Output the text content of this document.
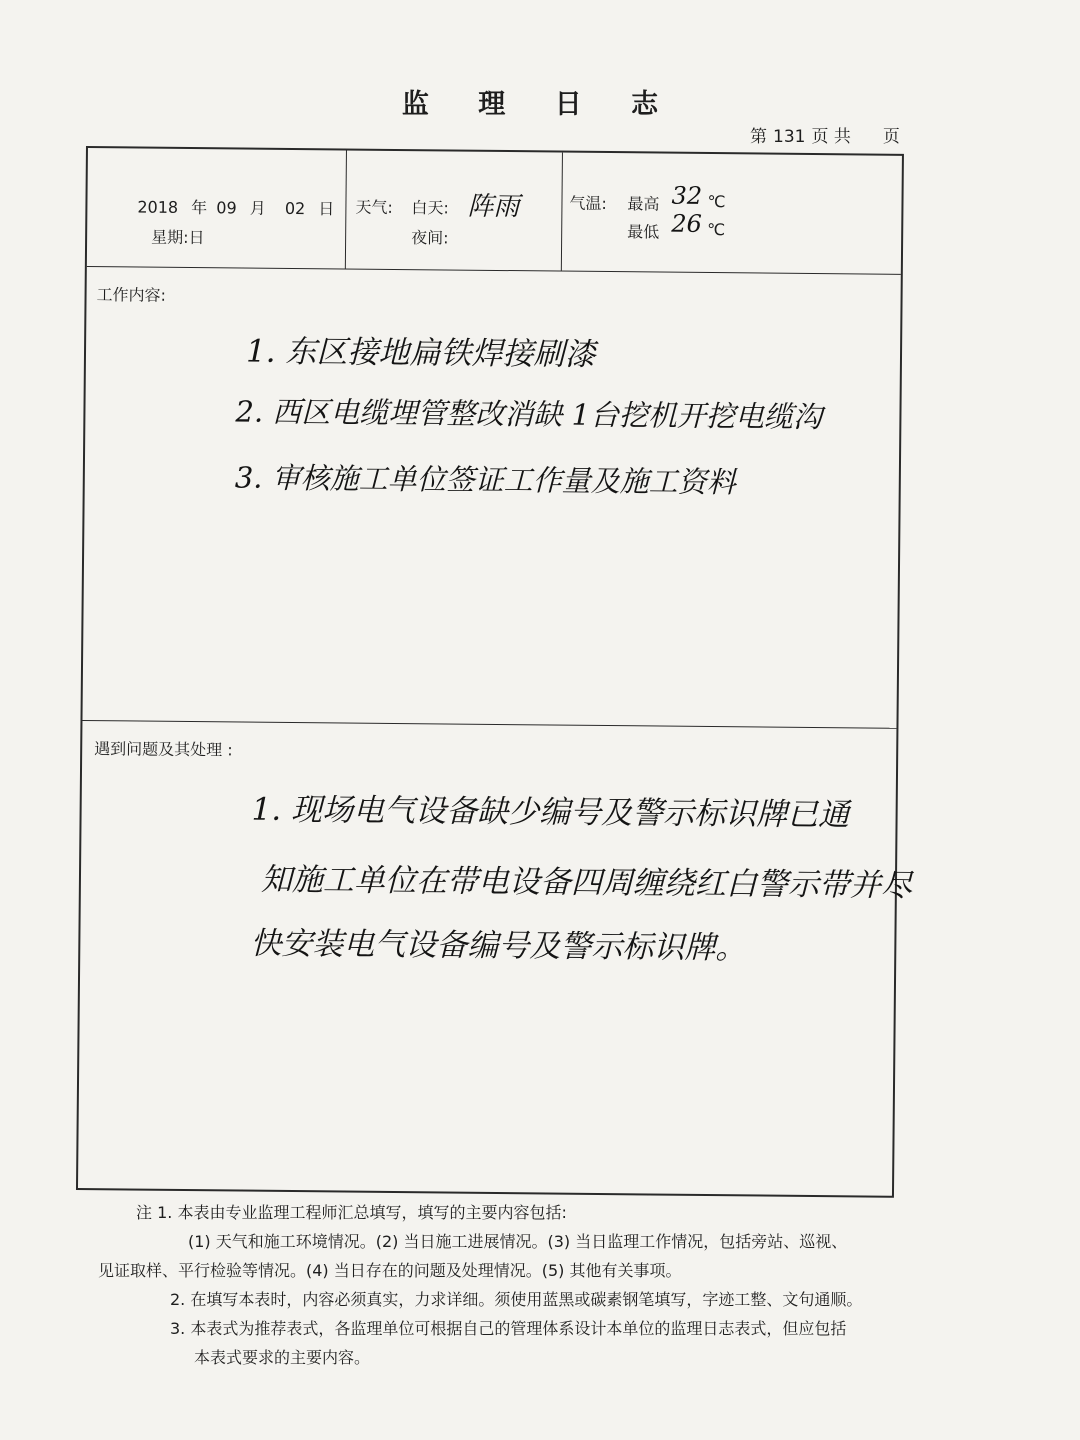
监 理 日 志
第 131 页 共 页
2018 年 09 月 02 日
星期:日
天气: 白天: 阵雨
夜间:
气温: 最高 32 ℃
最低 26 ℃
工作内容:
1. 东区接地扁铁焊接刷漆
2. 西区电缆埋管整改消缺 1台挖机开挖电缆沟
3. 审核施工单位签证工作量及施工资料
遇到问题及其处理 :
1. 现场电气设备缺少编号及警示标识牌已通
知施工单位在带电设备四周缠绕红白警示带并尽
快安装电气设备编号及警示标识牌。
注 1. 本表由专业监理工程师汇总填写，填写的主要内容包括:
(1) 天气和施工环境情况。(2) 当日施工进展情况。(3) 当日监理工作情况，包括旁站、巡视、
见证取样、平行检验等情况。(4) 当日存在的问题及处理情况。(5) 其他有关事项。
2. 在填写本表时，内容必须真实，力求详细。须使用蓝黑或碳素钢笔填写，字迹工整、文句通顺。
3. 本表式为推荐表式，各监理单位可根据自己的管理体系设计本单位的监理日志表式，但应包括
本表式要求的主要内容。
